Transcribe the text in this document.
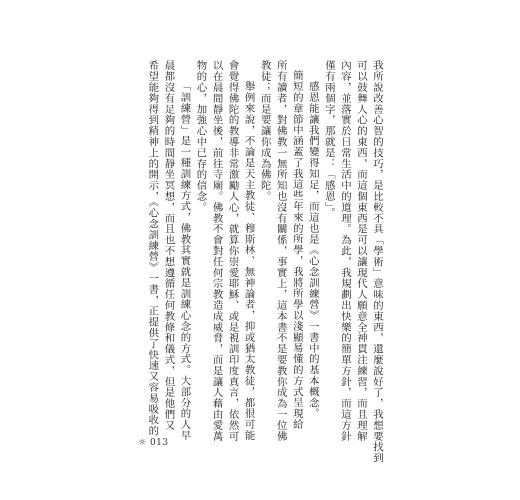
我所說改善心智的技巧，是比較不具「學術」意味的東西，還麼說好了，我想要找到
可以鼓舞人心的東西，而這個東西是可以讓現代人願意全神貫注練習，而且理解
內容，並落實於日常生活中的道理。為此，我規劃出快樂的簡單方針，而這方針
僅有兩個字，那就是：「感恩」。
感恩能讓我們變得知足，而這也是《心念訓練營》一書中的基本概念。
簡短的章節中涵蓋了我這些年來的所學，我將所學以淺顯易懂的方式呈現給
所有讀者，對佛教一無所知也沒有關係，事實上，這本書不是要教你成為一位佛
教徒；而是要讓你成為佛陀。
舉例來說，不論是天主教徒、穆斯林、無神論者，抑或猶太教徒，都很可能
會覺得佛陀的教導非常激勵人心，就算你崇愛耶穌、或是視訓印度真言，依然可
以在晨間靜坐後，前往寺廟。佛教不會對任何宗教造成威脅，而是讓人藉由愛萬
物的心，加強心中已存的信念。
「訓練營」是一種訓練方式，佛教其實就是訓練心念的方式。大部分的人早
晨都沒有足夠的時間靜坐冥想，而且也不想遵循任何教條和儀式，但是他們又
希望能夠得到精神上的開示，《心念訓練營》一書，正提供了快速又容易吸收的
☼ 013
